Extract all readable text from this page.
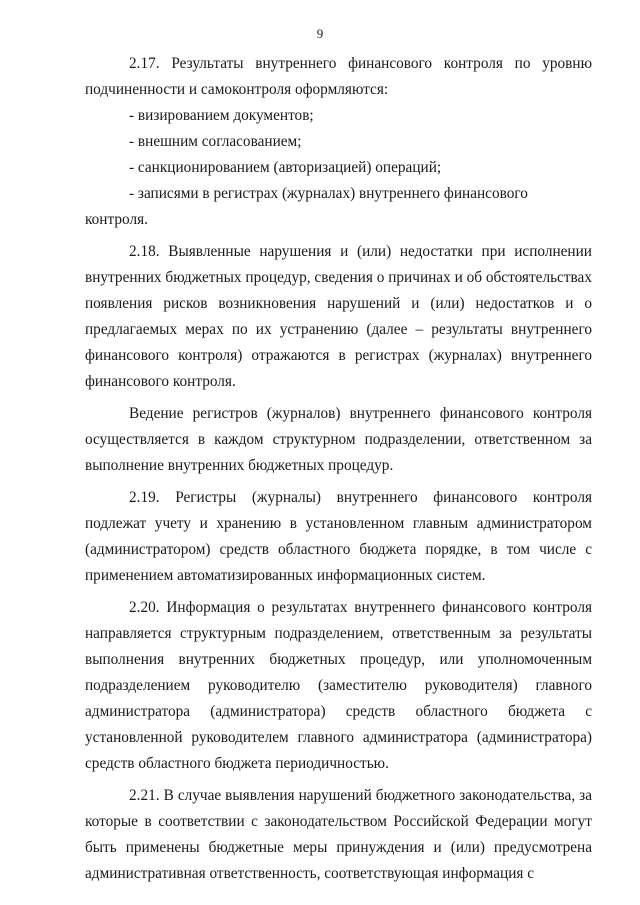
9

2.17. Результаты внутреннего финансового контроля по уровню подчиненности и самоконтроля оформляются:

- визированием документов;

- внешним согласованием;

- санкционированием (авторизацией) операций;

- записями в регистрах (журналах) внутреннего финансового контроля.

2.18. Выявленные нарушения и (или) недостатки при исполнении внутренних бюджетных процедур, сведения о причинах и об обстоятельствах появления рисков возникновения нарушений и (или) недостатков и о предлагаемых мерах по их устранению (далее – результаты внутреннего финансового контроля) отражаются в регистрах (журналах) внутреннего финансового контроля.

Ведение регистров (журналов) внутреннего финансового контроля осуществляется в каждом структурном подразделении, ответственном за выполнение внутренних бюджетных процедур.

2.19. Регистры (журналы) внутреннего финансового контроля подлежат учету и хранению в установленном главным администратором (администратором) средств областного бюджета порядке, в том числе с применением автоматизированных информационных систем.

2.20. Информация о результатах внутреннего финансового контроля направляется структурным подразделением, ответственным за результаты выполнения внутренних бюджетных процедур, или уполномоченным подразделением руководителю (заместителю руководителя) главного администратора (администратора) средств областного бюджета с установленной руководителем главного администратора (администратора) средств областного бюджета периодичностью.

2.21. В случае выявления нарушений бюджетного законодательства, за которые в соответствии с законодательством Российской Федерации могут быть применены бюджетные меры принуждения и (или) предусмотрена административная ответственность, соответствующая информация с
